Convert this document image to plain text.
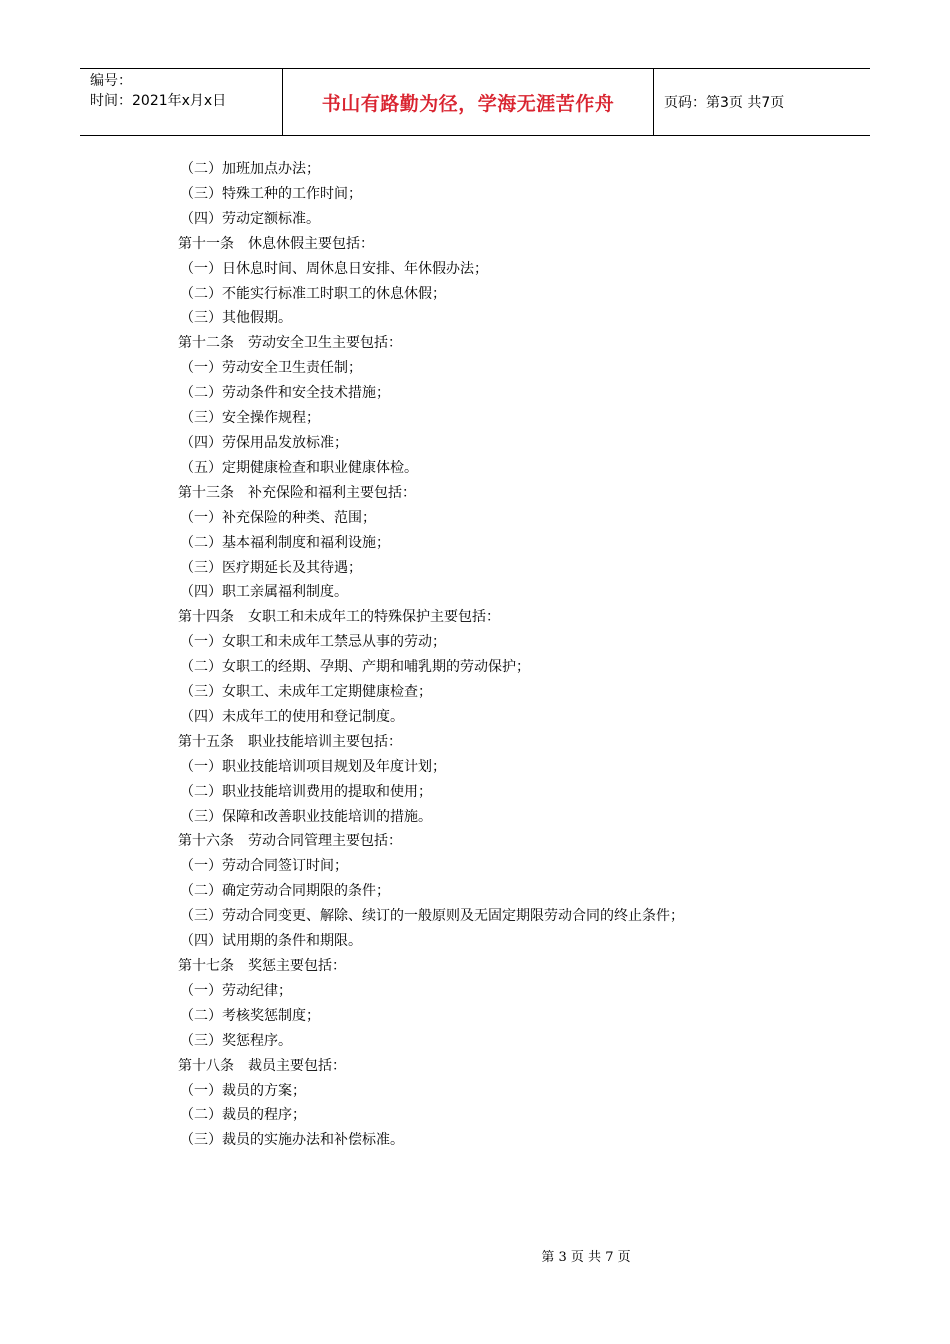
编号：
时间：2021年x月x日	书山有路勤为径，学海无涯苦作舟	页码：第3页 共7页
（二）加班加点办法；
（三）特殊工种的工作时间；
（四）劳动定额标准。
第十一条　休息休假主要包括：
（一）日休息时间、周休息日安排、年休假办法；
（二）不能实行标准工时职工的休息休假；
（三）其他假期。
第十二条　劳动安全卫生主要包括：
（一）劳动安全卫生责任制；
（二）劳动条件和安全技术措施；
（三）安全操作规程；
（四）劳保用品发放标准；
（五）定期健康检查和职业健康体检。
第十三条　补充保险和福利主要包括：
（一）补充保险的种类、范围；
（二）基本福利制度和福利设施；
（三）医疗期延长及其待遇；
（四）职工亲属福利制度。
第十四条　女职工和未成年工的特殊保护主要包括：
（一）女职工和未成年工禁忌从事的劳动；
（二）女职工的经期、孕期、产期和哺乳期的劳动保护；
（三）女职工、未成年工定期健康检查；
（四）未成年工的使用和登记制度。
第十五条　职业技能培训主要包括：
（一）职业技能培训项目规划及年度计划；
（二）职业技能培训费用的提取和使用；
（三）保障和改善职业技能培训的措施。
第十六条　劳动合同管理主要包括：
（一）劳动合同签订时间；
（二）确定劳动合同期限的条件；
（三）劳动合同变更、解除、续订的一般原则及无固定期限劳动合同的终止条件；
（四）试用期的条件和期限。
第十七条　奖惩主要包括：
（一）劳动纪律；
（二）考核奖惩制度；
（三）奖惩程序。
第十八条　裁员主要包括：
（一）裁员的方案；
（二）裁员的程序；
（三）裁员的实施办法和补偿标准。
第 3 页 共 7 页
